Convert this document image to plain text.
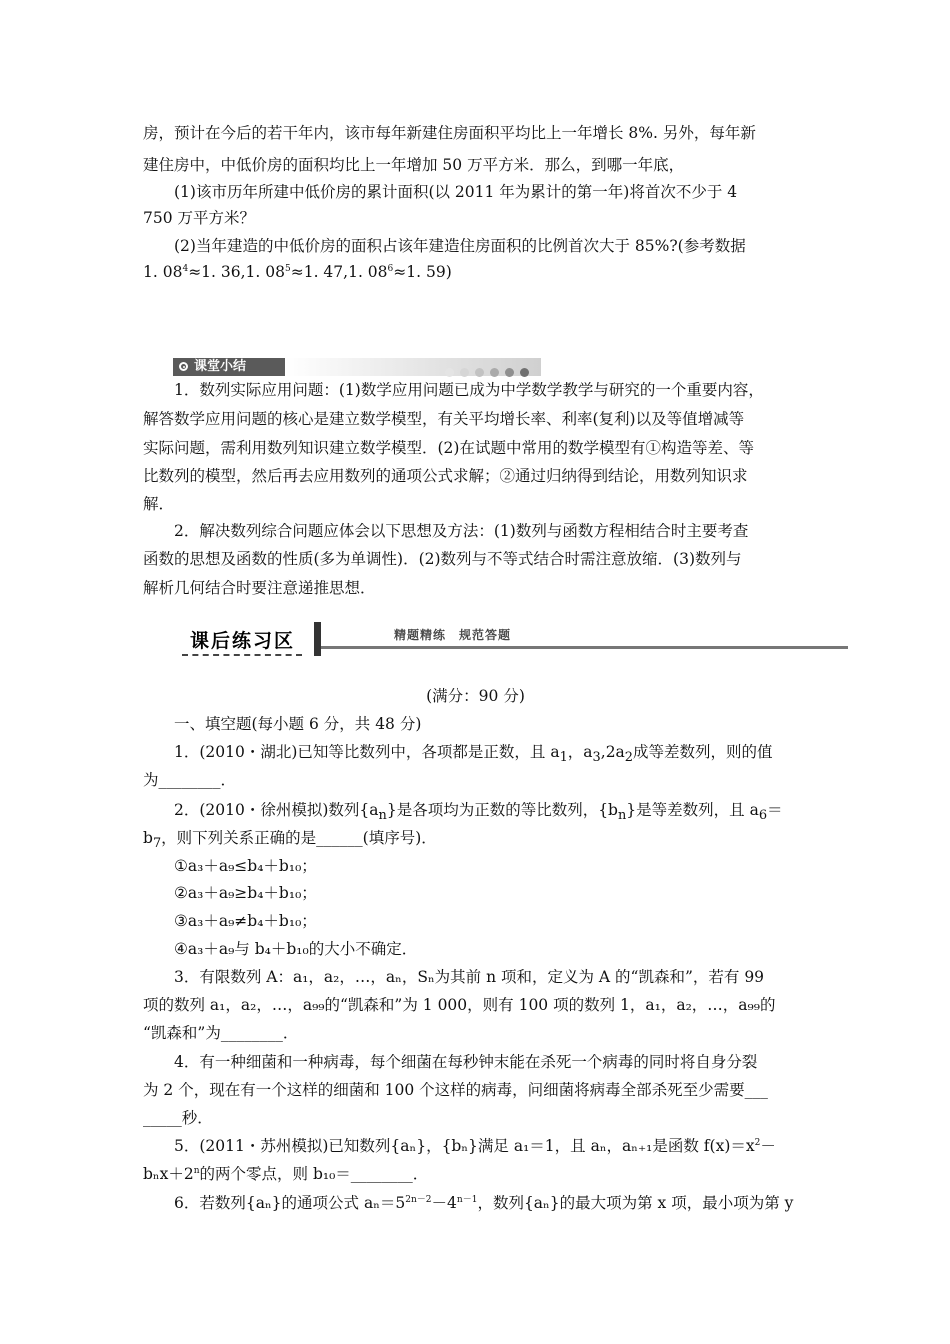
房，预计在今后的若干年内，该市每年新建住房面积平均比上一年增长 8%. 另外，每年新
建住房中，中低价房的面积均比上一年增加 50 万平方米．那么，到哪一年底，
(1)该市历年所建中低价房的累计面积(以 2011 年为累计的第一年)将首次不少于 4
750 万平方米？
(2)当年建造的中低价房的面积占该年建造住房面积的比例首次大于 85%?(参考数据
1. $08^4\approx 1$. 36,1. $08^5\approx 1$. 47,1. $08^6\approx 1$. 59)
课堂小结
1．数列实际应用问题：(1)数学应用问题已成为中学数学教学与研究的一个重要内容，
解答数学应用问题的核心是建立数学模型，有关平均增长率、利率(复利)以及等值增减等
实际问题，需利用数列知识建立数学模型．(2)在试题中常用的数学模型有①构造等差、等
比数列的模型，然后再去应用数列的通项公式求解；②通过归纳得到结论，用数列知识求
解．
2．解决数列综合问题应体会以下思想及方法：(1)数列与函数方程相结合时主要考查
函数的思想及函数的性质(多为单调性)．(2)数列与不等式结合时需注意放缩．(3)数列与
解析几何结合时要注意递推思想．
课后练习区	精题精练　规范答题
(满分：90 分)
一、填空题(每小题 6 分，共 48 分)
1．(2010・湖北)已知等比数列中，各项都是正数，且 $a_1$，$a_3,2a_2$成等差数列，则的值
为________．
2．(2010・徐州模拟)数列$\{a_n\}$是各项均为正数的等比数列，$\{b_n\}$是等差数列，且 $a_6=$
$b_7$，则下列关系正确的是______(填序号)．
①a₃＋a₉≤b₄＋b₁₀；
②a₃＋a₉≥b₄＋b₁₀；
③a₃＋a₉≠b₄＋b₁₀；
④a₃＋a₉与 b₄＋b₁₀的大小不确定．
3．有限数列 A：a₁，a₂，…，aₙ，Sₙ为其前 n 项和，定义为 A 的“凯森和”，若有 99
项的数列 a₁，a₂，…，a₉₉的“凯森和”为 1 000，则有 100 项的数列 1，a₁，a₂，…，a₉₉的
“凯森和”为________．
4．有一种细菌和一种病毒，每个细菌在每秒钟末能在杀死一个病毒的同时将自身分裂
为 2 个，现在有一个这样的细菌和 100 个这样的病毒，问细菌将病毒全部杀死至少需要___
_____秒．
5．(2011・苏州模拟)已知数列{aₙ}，{bₙ}满足 a₁＝1，且 aₙ，aₙ₊₁是函数 $f(x)=x^2-$
$b_nx+2^n$的两个零点，则 b₁₀＝________．
6．若数列{aₙ}的通项公式 $a_n=5^{2n-2}-4^{n-1}$，数列{aₙ}的最大项为第 x 项，最小项为第 y
